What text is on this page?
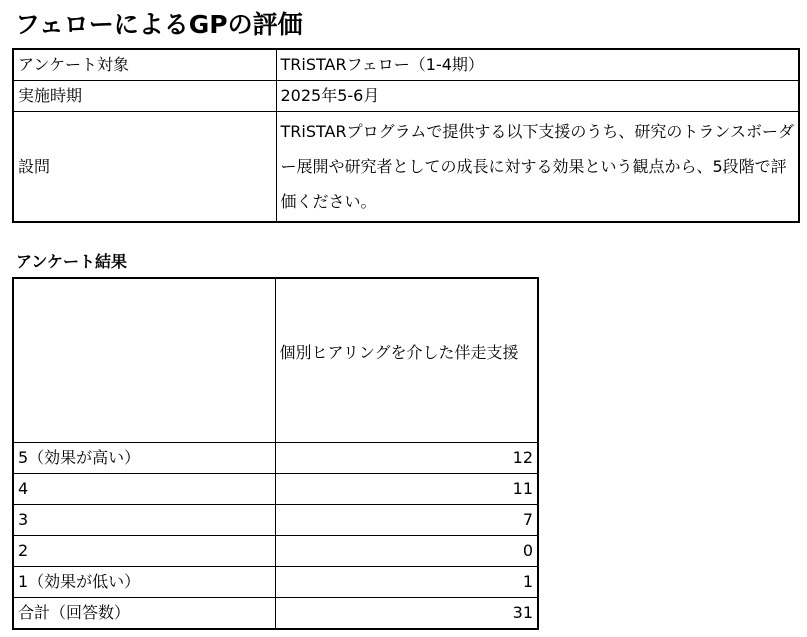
フェローによるGPの評価
アンケート対象	TRiSTARフェロー（1-4期）
実施時期	2025年5-6月
設問	TRiSTARプログラムで提供する以下支援のうち、研究のトランスボーダー展開や研究者としての成長に対する効果という観点から、5段階で評価ください。
アンケート結果
	個別ヒアリングを介した伴走支援
5（効果が高い）	12
4	11
3	7
2	0
1（効果が低い）	1
合計（回答数）	31
